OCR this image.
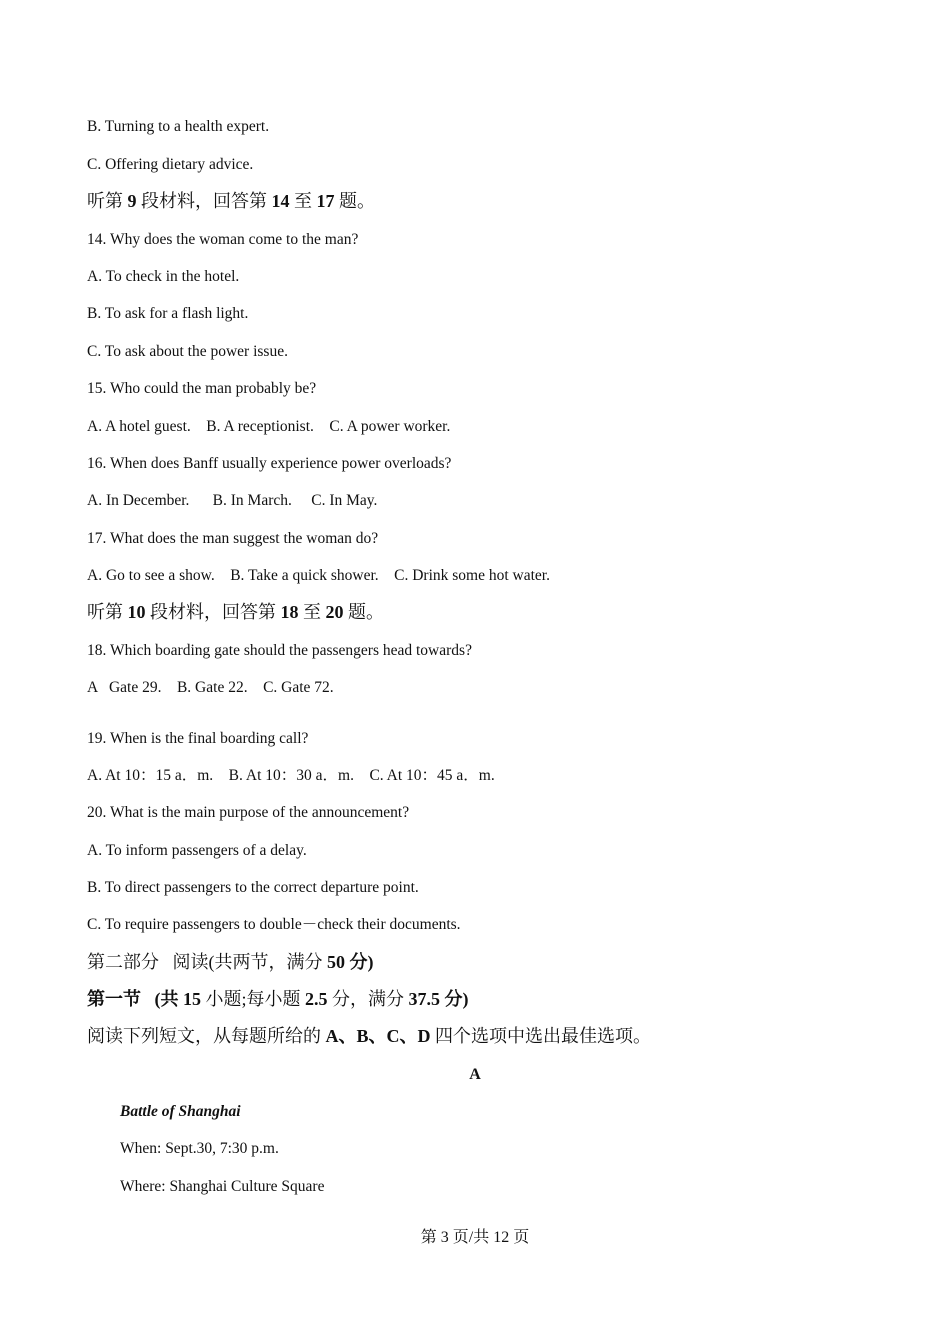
B. Turning to a health expert.

C. Offering dietary advice.

听第 9 段材料，回答第 14 至 17 题。

14. Why does the woman come to the man?

A. To check in the hotel.

B. To ask for a flash light.

C. To ask about the power issue.

15. Who could the man probably be?

A. A hotel guest.    B. A receptionist.    C. A power worker.

16. When does Banff usually experience power overloads?

A. In December.      B. In March.     C. In May.

17. What does the man suggest the woman do?

A. Go to see a show.    B. Take a quick shower.    C. Drink some hot water.

听第 10 段材料，回答第 18 至 20 题。

18. Which boarding gate should the passengers head towards?

A   Gate 29.    B. Gate 22.    C. Gate 72.

19. When is the final boarding call?

A. At 10：15 a．m.    B. At 10：30 a．m.    C. At 10：45 a．m.

20. What is the main purpose of the announcement?

A. To inform passengers of a delay.

B. To direct passengers to the correct departure point.

C. To require passengers to double－check their documents.

第二部分   阅读(共两节，满分 50 分)

第一节   (共 15 小题;每小题 2.5 分，满分 37.5 分)

阅读下列短文，从每题所给的 A、B、C、D 四个选项中选出最佳选项。

A

Battle of Shanghai

When: Sept.30, 7:30 p.m.

Where: Shanghai Culture Square

第 3 页/共 12 页
